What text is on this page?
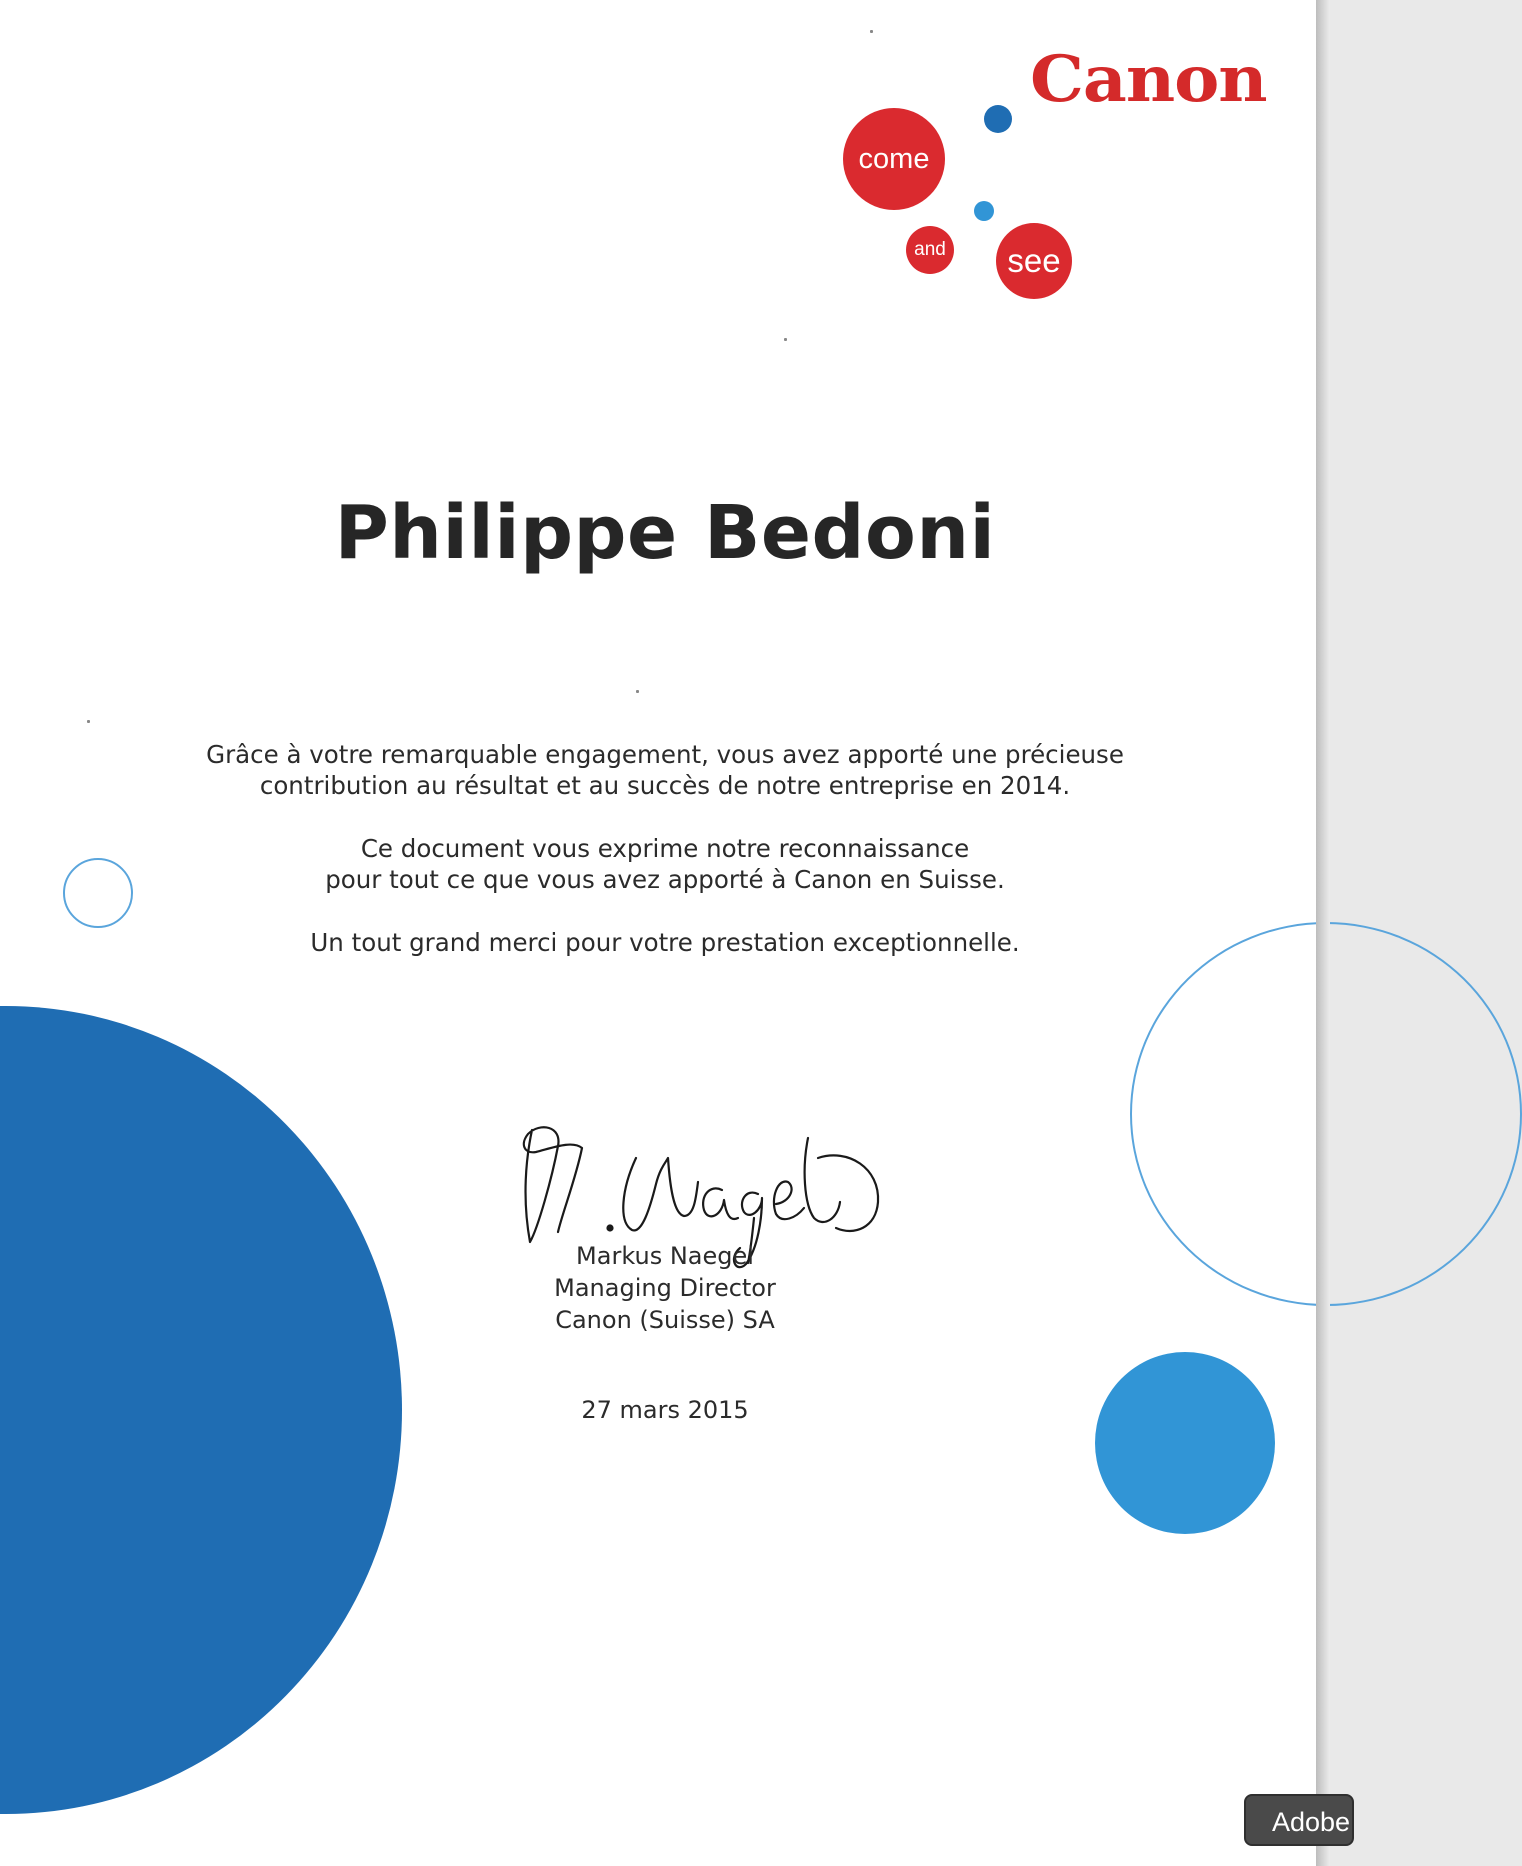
Canon
come
and see
Philippe Bedoni
Grâce à votre remarquable engagement, vous avez apporté une précieuse
contribution au résultat et au succès de notre entreprise en 2014.
Ce document vous exprime notre reconnaissance
pour tout ce que vous avez apporté à Canon en Suisse.
Un tout grand merci pour votre prestation exceptionnelle.
Markus Naegel
Managing Director
Canon (Suisse) SA
27 mars 2015
Adobe
